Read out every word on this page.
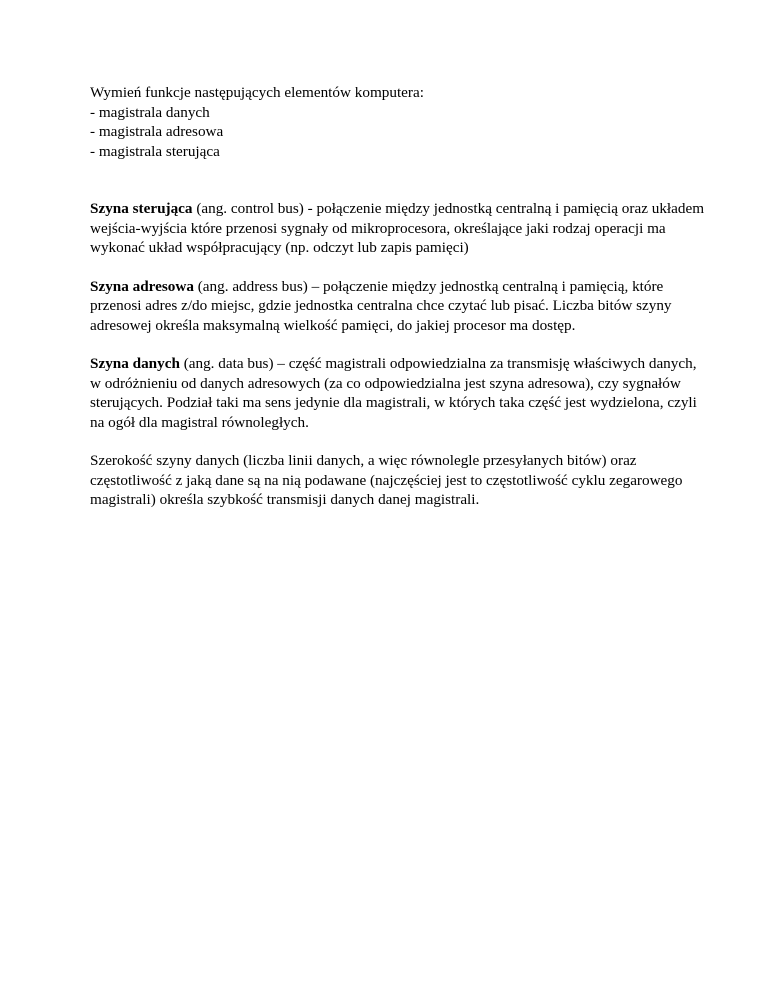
Wymień funkcje następujących elementów komputera:

- magistrala danych
- magistrala adresowa
- magistrala sterująca

Szyna sterująca (ang. control bus) - połączenie między jednostką centralną i pamięcią oraz układem wejścia-wyjścia które przenosi sygnały od mikroprocesora, określające jaki rodzaj operacji ma wykonać układ współpracujący (np. odczyt lub zapis pamięci)

Szyna adresowa (ang. address bus) – połączenie między jednostką centralną i pamięcią, które przenosi adres z/do miejsc, gdzie jednostka centralna chce czytać lub pisać. Liczba bitów szyny adresowej określa maksymalną wielkość pamięci, do jakiej procesor ma dostęp.

Szyna danych (ang. data bus) – część magistrali odpowiedzialna za transmisję właściwych danych, w odróżnieniu od danych adresowych (za co odpowiedzialna jest szyna adresowa), czy sygnałów sterujących. Podział taki ma sens jedynie dla magistrali, w których taka część jest wydzielona, czyli na ogół dla magistral równoległych.

Szerokość szyny danych (liczba linii danych, a więc równolegle przesyłanych bitów) oraz częstotliwość z jaką dane są na nią podawane (najczęściej jest to częstotliwość cyklu zegarowego magistrali) określa szybkość transmisji danych danej magistrali.
